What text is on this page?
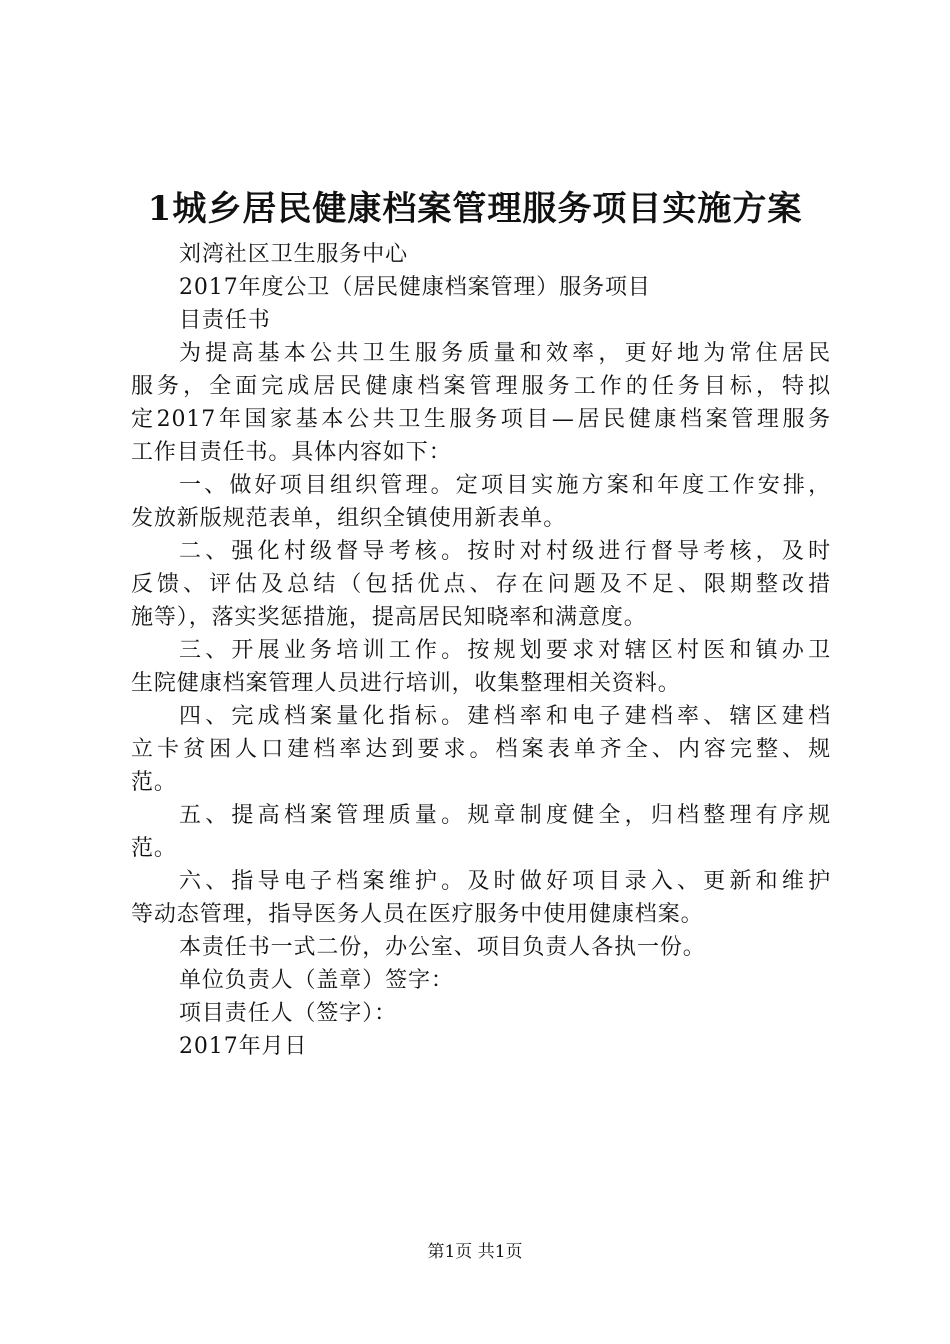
1城乡居民健康档案管理服务项目实施方案
刘湾社区卫生服务中心
2017年度公卫（居民健康档案管理）服务项目
目责任书
为提高基本公共卫生服务质量和效率，更好地为常住居民
服务，全面完成居民健康档案管理服务工作的任务目标，特拟
定2017年国家基本公共卫生服务项目—居民健康档案管理服务
工作目责任书。具体内容如下：
一、做好项目组织管理。定项目实施方案和年度工作安排，
发放新版规范表单，组织全镇使用新表单。
二、强化村级督导考核。按时对村级进行督导考核，及时
反馈、评估及总结（包括优点、存在问题及不足、限期整改措
施等），落实奖惩措施，提高居民知晓率和满意度。
三、开展业务培训工作。按规划要求对辖区村医和镇办卫
生院健康档案管理人员进行培训，收集整理相关资料。
四、完成档案量化指标。建档率和电子建档率、辖区建档
立卡贫困人口建档率达到要求。档案表单齐全、内容完整、规
范。
五、提高档案管理质量。规章制度健全，归档整理有序规
范。
六、指导电子档案维护。及时做好项目录入、更新和维护
等动态管理，指导医务人员在医疗服务中使用健康档案。
本责任书一式二份，办公室、项目负责人各执一份。
单位负责人（盖章）签字：
项目责任人（签字）：
2017年月日
第1页 共1页
